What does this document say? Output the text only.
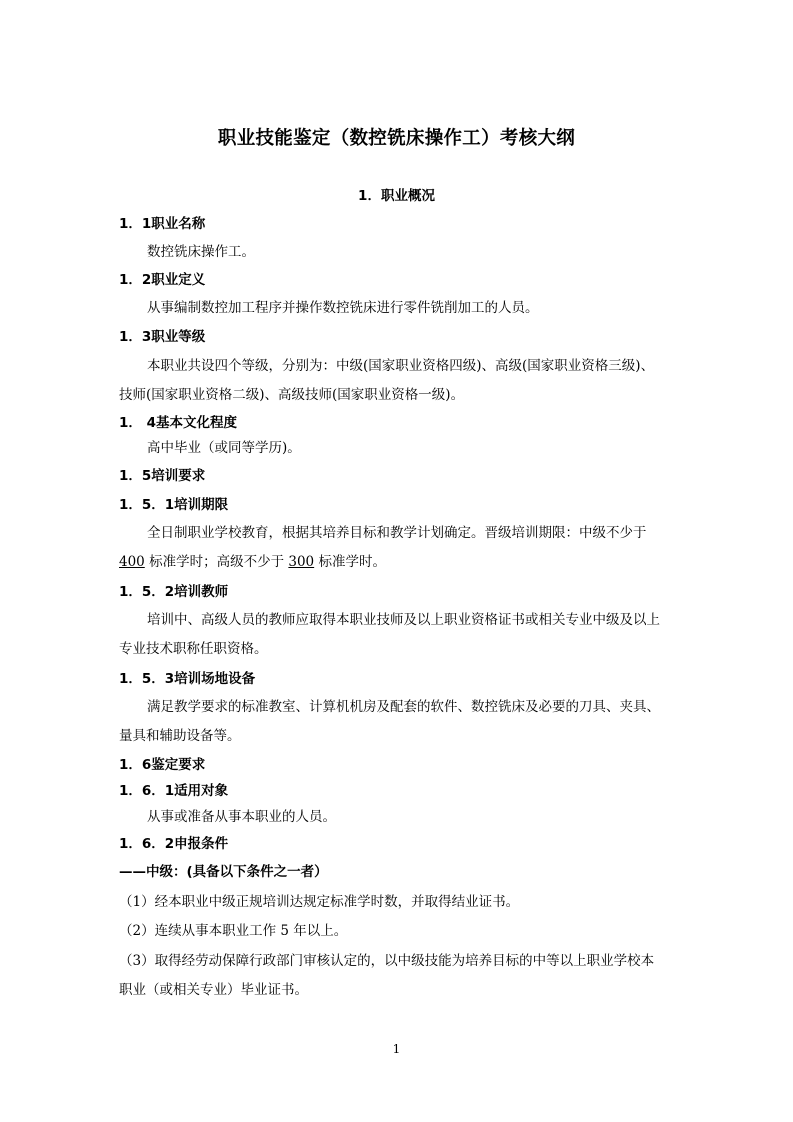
职业技能鉴定（数控铣床操作工）考核大纲
1．职业概况
1．1职业名称
数控铣床操作工。
1．2职业定义
从事编制数控加工程序并操作数控铣床进行零件铣削加工的人员。
1．3职业等级
本职业共设四个等级，分别为：中级(国家职业资格四级)、高级(国家职业资格三级)、
技师(国家职业资格二级)、高级技师(国家职业资格一级)。
1． 4基本文化程度
高中毕业（或同等学历)。
1．5培训要求
1．5．1培训期限
全日制职业学校教育，根据其培养目标和教学计划确定。晋级培训期限：中级不少于
400 标准学时；高级不少于 300 标准学时。
1．5．2培训教师
培训中、高级人员的教师应取得本职业技师及以上职业资格证书或相关专业中级及以上
专业技术职称任职资格。
1．5．3培训场地设备
满足教学要求的标准教室、计算机机房及配套的软件、数控铣床及必要的刀具、夹具、
量具和辅助设备等。
1．6鉴定要求
1．6．1适用对象
从事或准备从事本职业的人员。
1．6．2申报条件
——中级：(具备以下条件之一者）
（1）经本职业中级正规培训达规定标准学时数，并取得结业证书。
（2）连续从事本职业工作 5 年以上。
（3）取得经劳动保障行政部门审核认定的，以中级技能为培养目标的中等以上职业学校本
职业（或相关专业）毕业证书。
1
